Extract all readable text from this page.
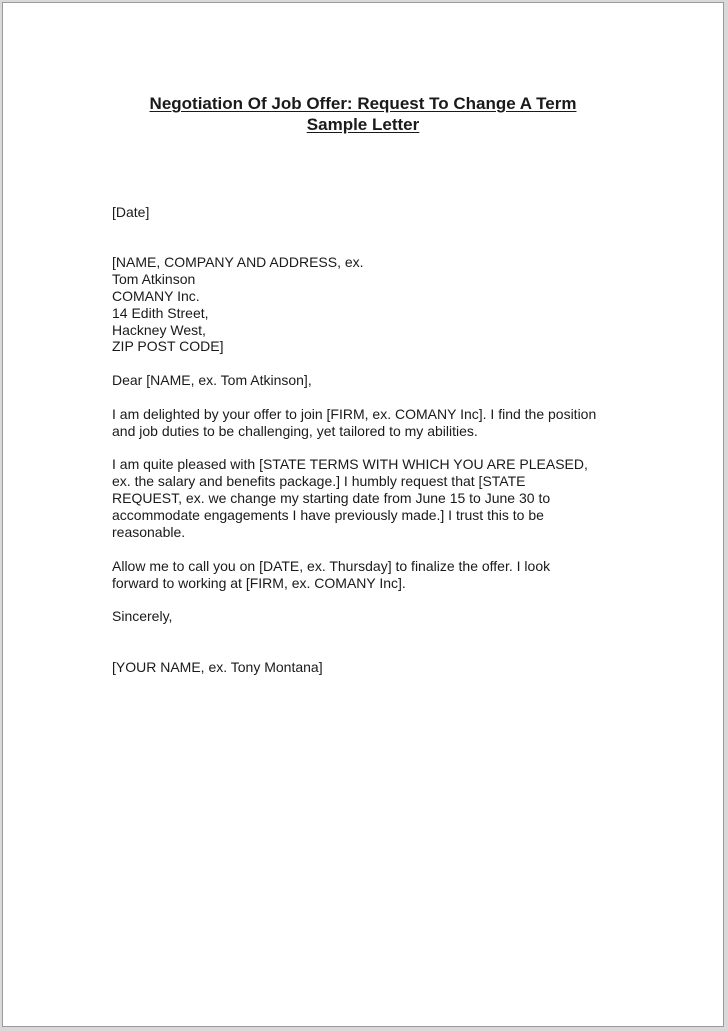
Negotiation Of Job Offer: Request To Change A Term
Sample Letter

[Date]

[NAME, COMPANY AND ADDRESS, ex.
Tom Atkinson
COMANY Inc.
14 Edith Street,
Hackney West,
ZIP POST CODE]

Dear [NAME, ex. Tom Atkinson],

I am delighted by your offer to join [FIRM, ex. COMANY Inc]. I find the position
and job duties to be challenging, yet tailored to my abilities.

I am quite pleased with [STATE TERMS WITH WHICH YOU ARE PLEASED,
ex. the salary and benefits package.] I humbly request that [STATE
REQUEST, ex. we change my starting date from June 15 to June 30 to
accommodate engagements I have previously made.] I trust this to be
reasonable.

Allow me to call you on [DATE, ex. Thursday] to finalize the offer. I look
forward to working at [FIRM, ex. COMANY Inc].

Sincerely,

[YOUR NAME, ex. Tony Montana]
